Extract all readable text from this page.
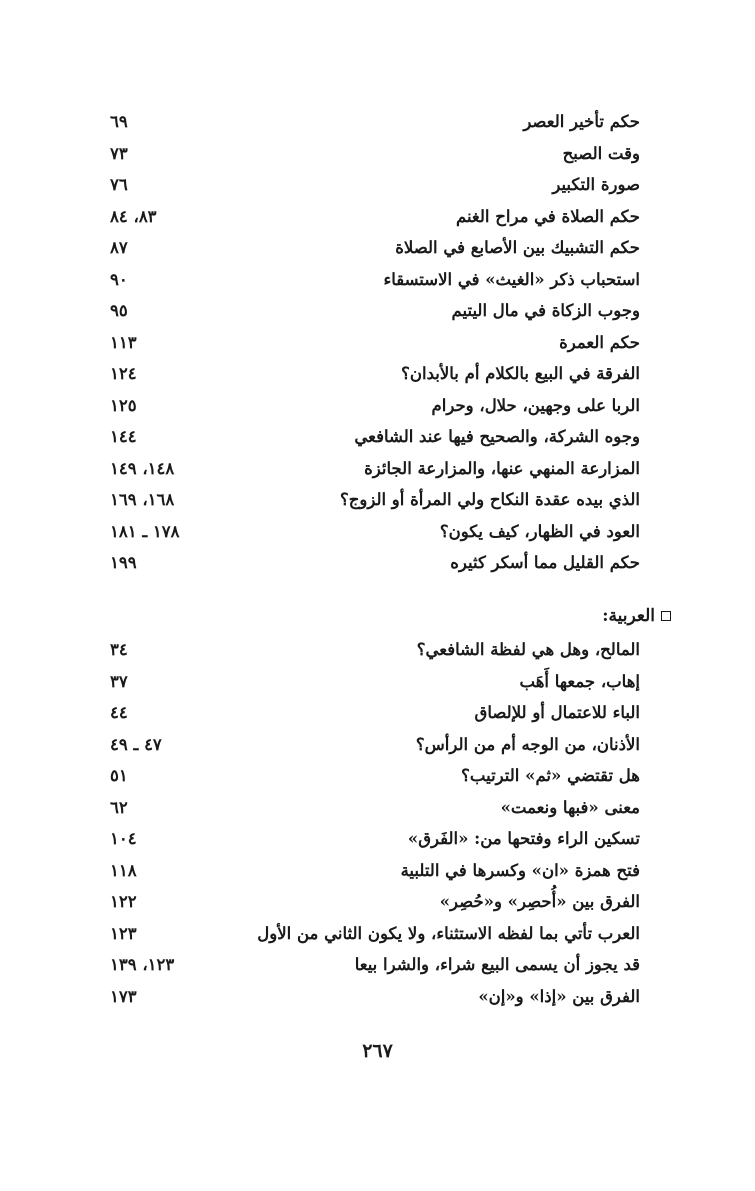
حكم تأخير العصر
٦٩
وقت الصبح
٧٣
صورة التكبير
٧٦
حكم الصلاة في مراح الغنم
٨٣، ٨٤
حكم التشبيك بين الأصابع في الصلاة
٨٧
استحباب ذكر «الغيث» في الاستسقاء
٩٠
وجوب الزكاة في مال اليتيم
٩٥
حكم العمرة
١١٣
الفرقة في البيع بالكلام أم بالأبدان؟
١٢٤
الربا على وجهين، حلال، وحرام
١٢٥
وجوه الشركة، والصحيح فيها عند الشافعي
١٤٤
المزارعة المنهي عنها، والمزارعة الجائزة
١٤٨، ١٤٩
الذي بيده عقدة النكاح ولي المرأة أو الزوج؟
١٦٨، ١٦٩
العود في الظهار، كيف يكون؟
١٧٨ ـ ١٨١
حكم القليل مما أسكر كثيره
١٩٩
العربية:
المالح، وهل هي لفظة الشافعي؟
٣٤
إهاب، جمعها أَهَب
٣٧
الباء للاعتمال أو للإلصاق
٤٤
الأذنان، من الوجه أم من الرأس؟
٤٧ ـ ٤٩
هل تقتضي «ثم» الترتيب؟
٥١
معنى «فبها ونعمت»
٦٢
تسكين الراء وفتحها من: «الفَرق»
١٠٤
فتح همزة «ان» وكسرها في التلبية
١١٨
الفرق بين «أُحصِر» و«حُصِر»
١٢٢
العرب تأتي بما لفظه الاستثناء، ولا يكون الثاني من الأول
١٢٣
قد يجوز أن يسمى البيع شراء، والشرا بيعا
١٢٣، ١٣٩
الفرق بين «إذا» و«إن»
١٧٣
٢٦٧
